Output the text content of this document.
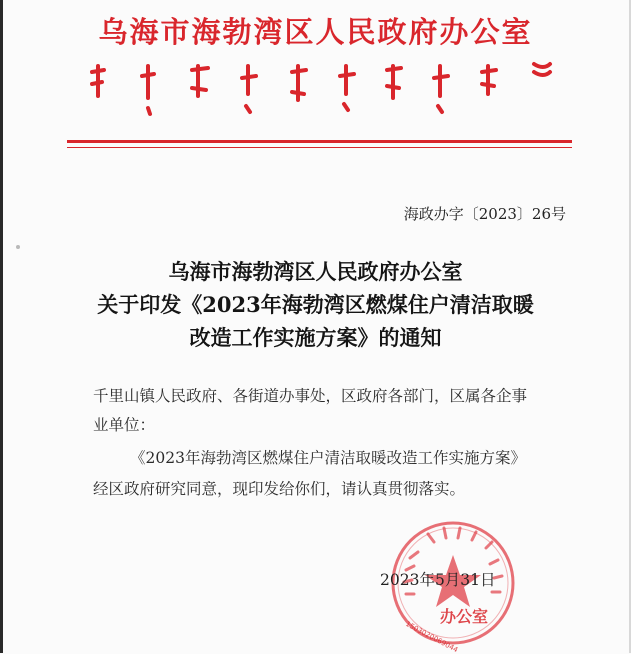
乌海市海勃湾区人民政府办公室
海政办字〔2023〕26号
乌海市海勃湾区人民政府办公室
关于印发《2023年海勃湾区燃煤住户清洁取暖
改造工作实施方案》的通知
千里山镇人民政府、各街道办事处，区政府各部门，区属各企事
业单位：
《2023年海勃湾区燃煤住户清洁取暖改造工作实施方案》
经区政府研究同意，现印发给你们，请认真贯彻落实。
2023年5月31日
办公室
1503020069044
